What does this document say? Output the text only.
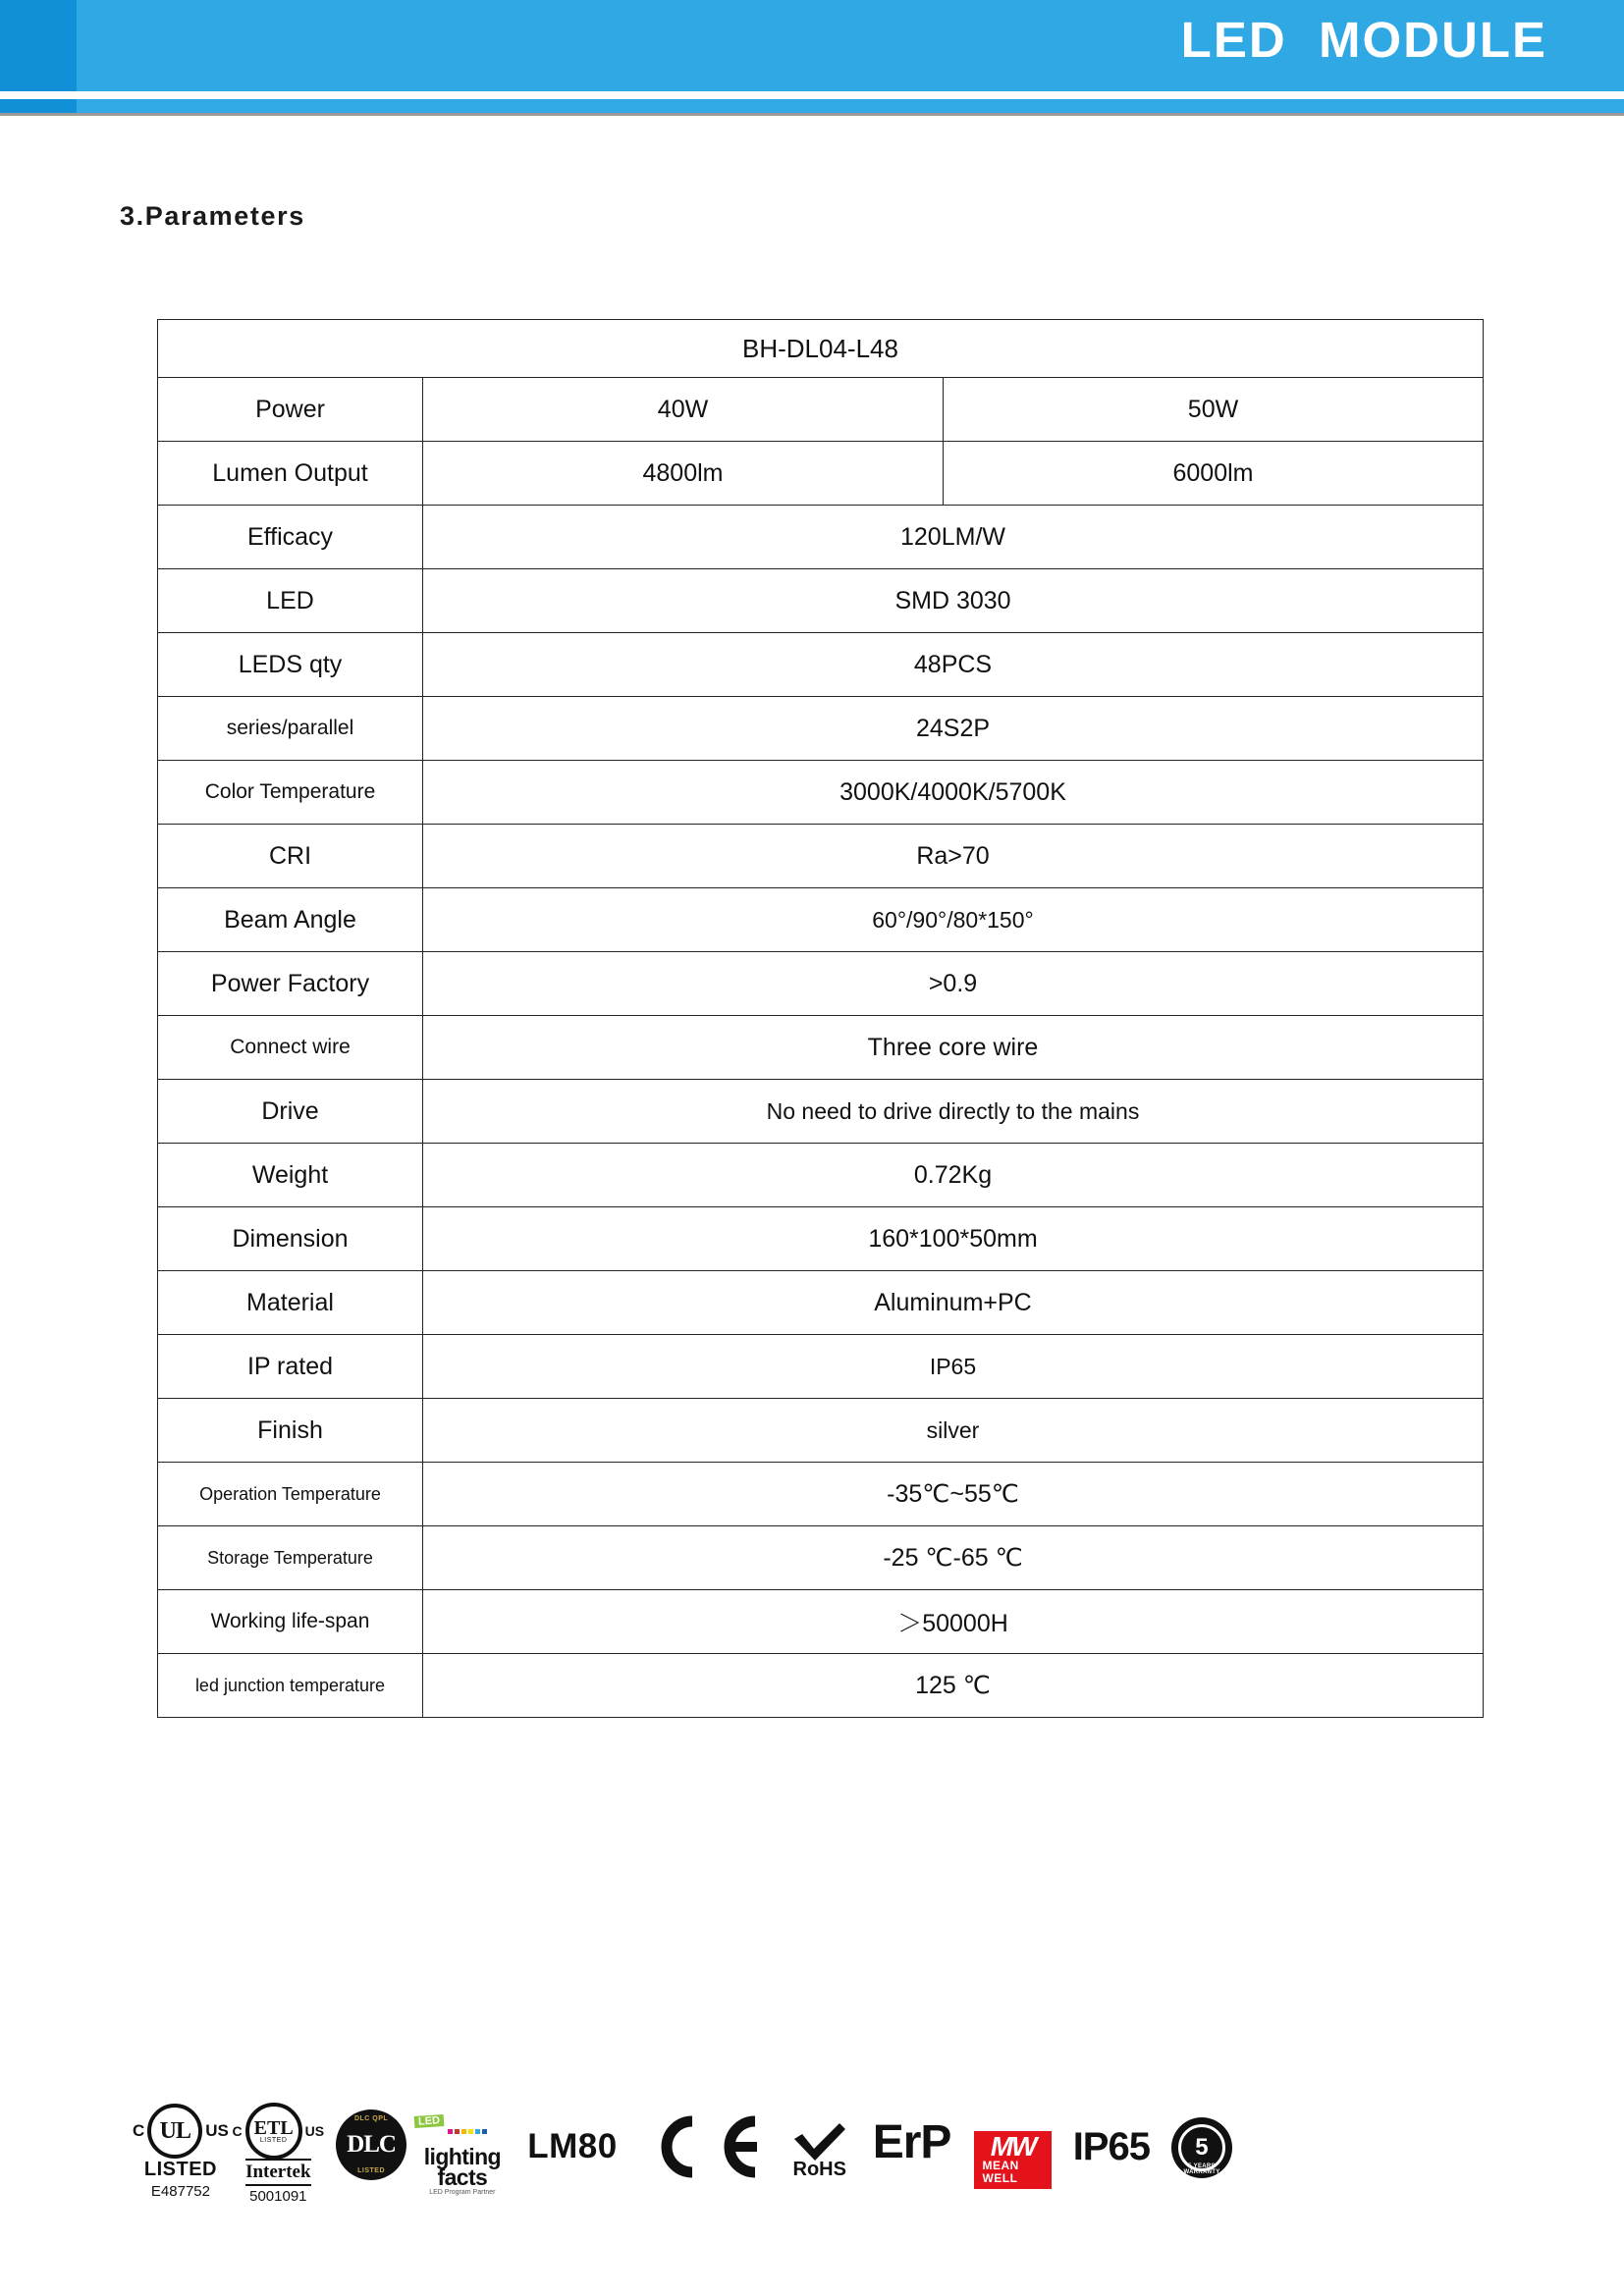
LED  MODULE
3.Parameters
BH-DL04-L48		
Power	40W	50W
Lumen Output	4800lm	6000lm
Efficacy	120LM/W	
LED	SMD 3030	
LEDS qty	48PCS	
series/parallel	24S2P	
Color Temperature	3000K/4000K/5700K	
CRI	Ra>70	
Beam Angle	60°/90°/80*150°	
Power Factory	>0.9	
Connect wire	Three core wire	
Drive	No need to drive directly to the mains	
Weight	0.72Kg	
Dimension	160*100*50mm	
Material	Aluminum+PC	
IP rated	IP65	
Finish	silver	
Operation Temperature	-35℃~55℃	
Storage Temperature	-25 ℃-65 ℃	
Working life-span	＞50000H	
led junction temperature	125 ℃	
C UL US
LISTED
E487752
C ETL
LISTED
US
Intertek
5001091
DLC QPL
DLC
LISTED
LED
lighting
facts
LED Program Partner
LM80
RoHS
ErP MW
MEAN WELL
IP65 5
5 YEARS WARRANTY
